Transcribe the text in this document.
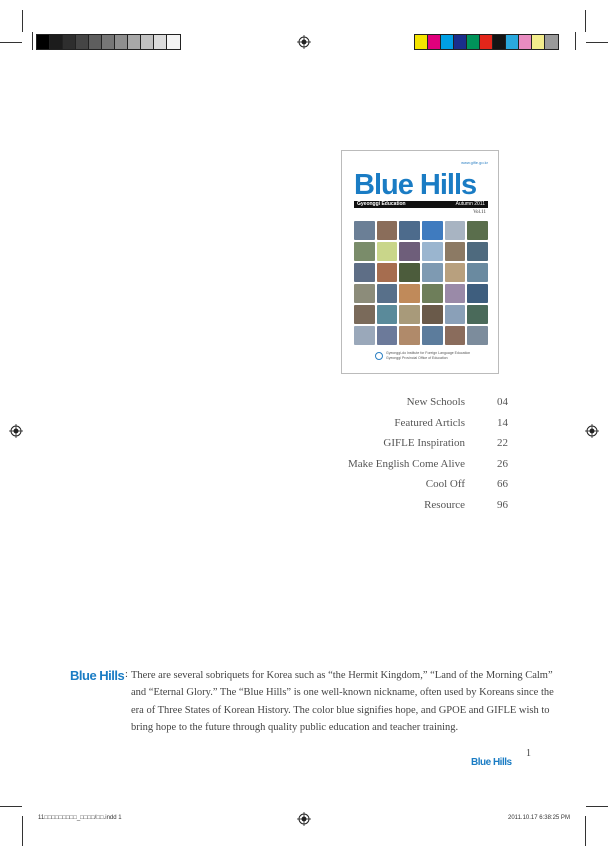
www.gifle.go.kr
Blue Hills
Gyeonggi Education	Autumn 2011
Vol.11
Gyeonggi-do Institute for Foreign Language Education
Gyeonggi Provincial Office of Education
New Schools	04
Featured Articls	14
GIFLE Inspiration	22
Make English Come Alive	26
Cool Off	66
Resource	96
Blue Hills : There are several sobriquets for Korea such as “the Hermit Kingdom,” “Land of the Morning Calm”
and “Eternal Glory.” The “Blue Hills” is one well-known nickname, often used by Koreans since the
era of Three States of Korean History. The color blue signifies hope, and GPOE and GIFLE wish to
bring hope to the future through quality public education and teacher training.
1
Blue Hills
11□□□□□□□□□_□□□□/□□.indd 1	2011.10.17 6:38:25 PM
